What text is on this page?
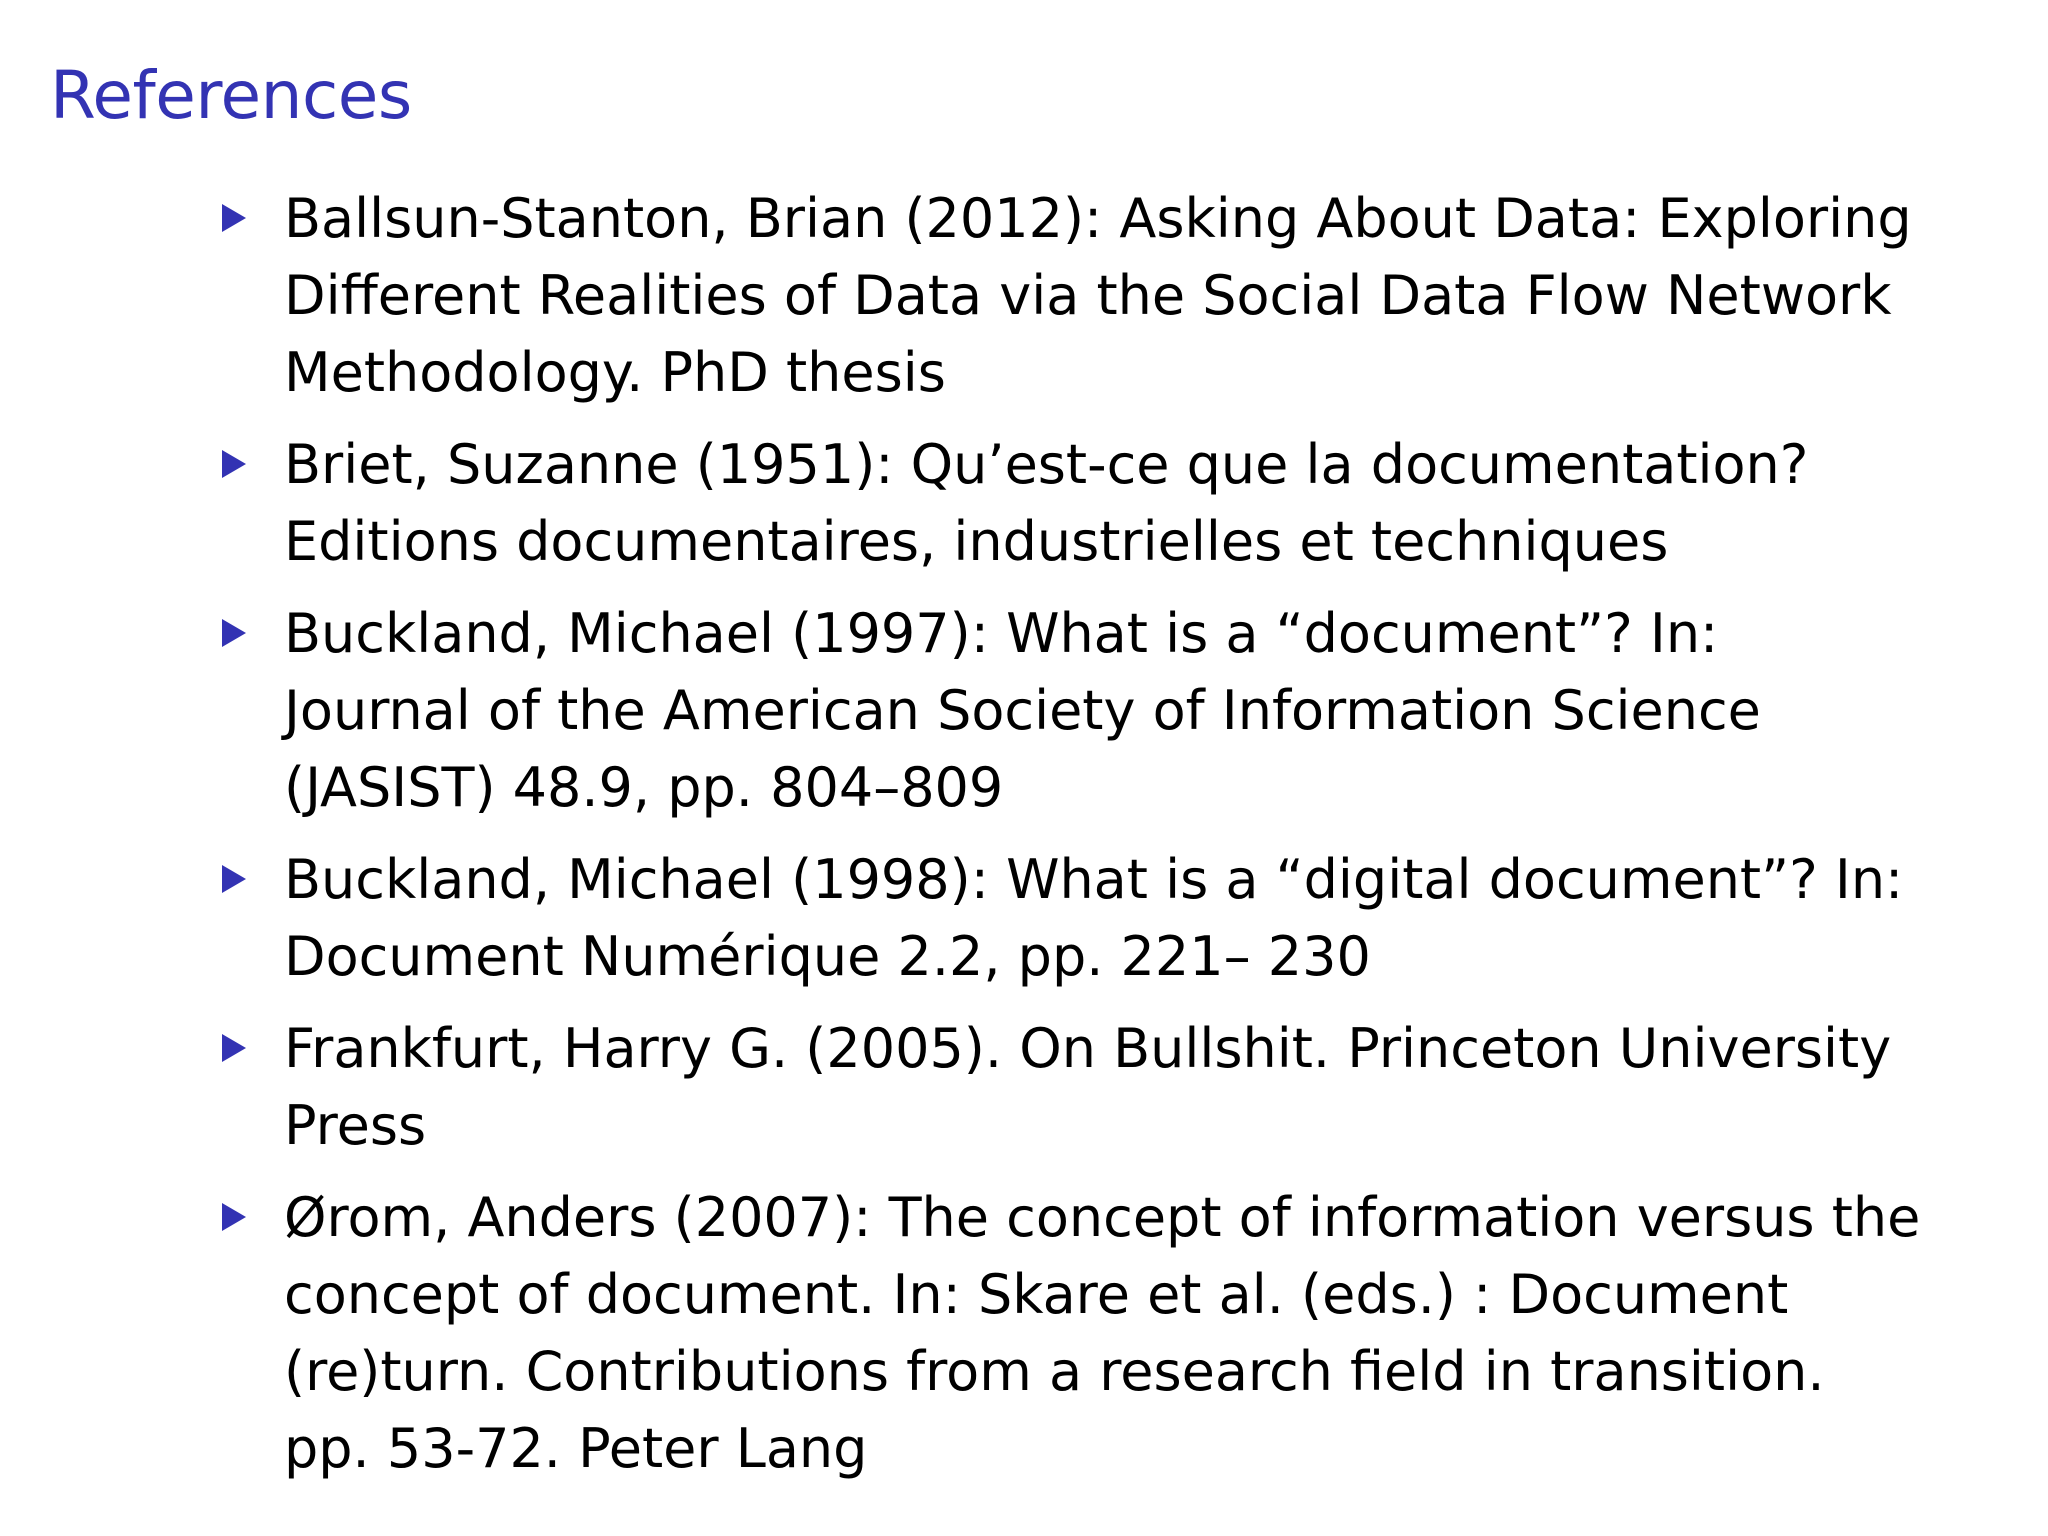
References
Ballsun-Stanton, Brian (2012): Asking About Data: Exploring
Different Realities of Data via the Social Data Flow Network
Methodology. PhD thesis
Briet, Suzanne (1951): Qu’est-ce que la documentation?
Editions documentaires, industrielles et techniques
Buckland, Michael (1997): What is a “document”? In:
Journal of the American Society of Information Science
(JASIST) 48.9, pp. 804–809
Buckland, Michael (1998): What is a “digital document”? In:
Document Numérique 2.2, pp. 221– 230
Frankfurt, Harry G. (2005). On Bullshit. Princeton University
Press
Ørom, Anders (2007): The concept of information versus the
concept of document. In: Skare et al. (eds.) : Document
(re)turn. Contributions from a research field in transition.
pp. 53-72. Peter Lang
